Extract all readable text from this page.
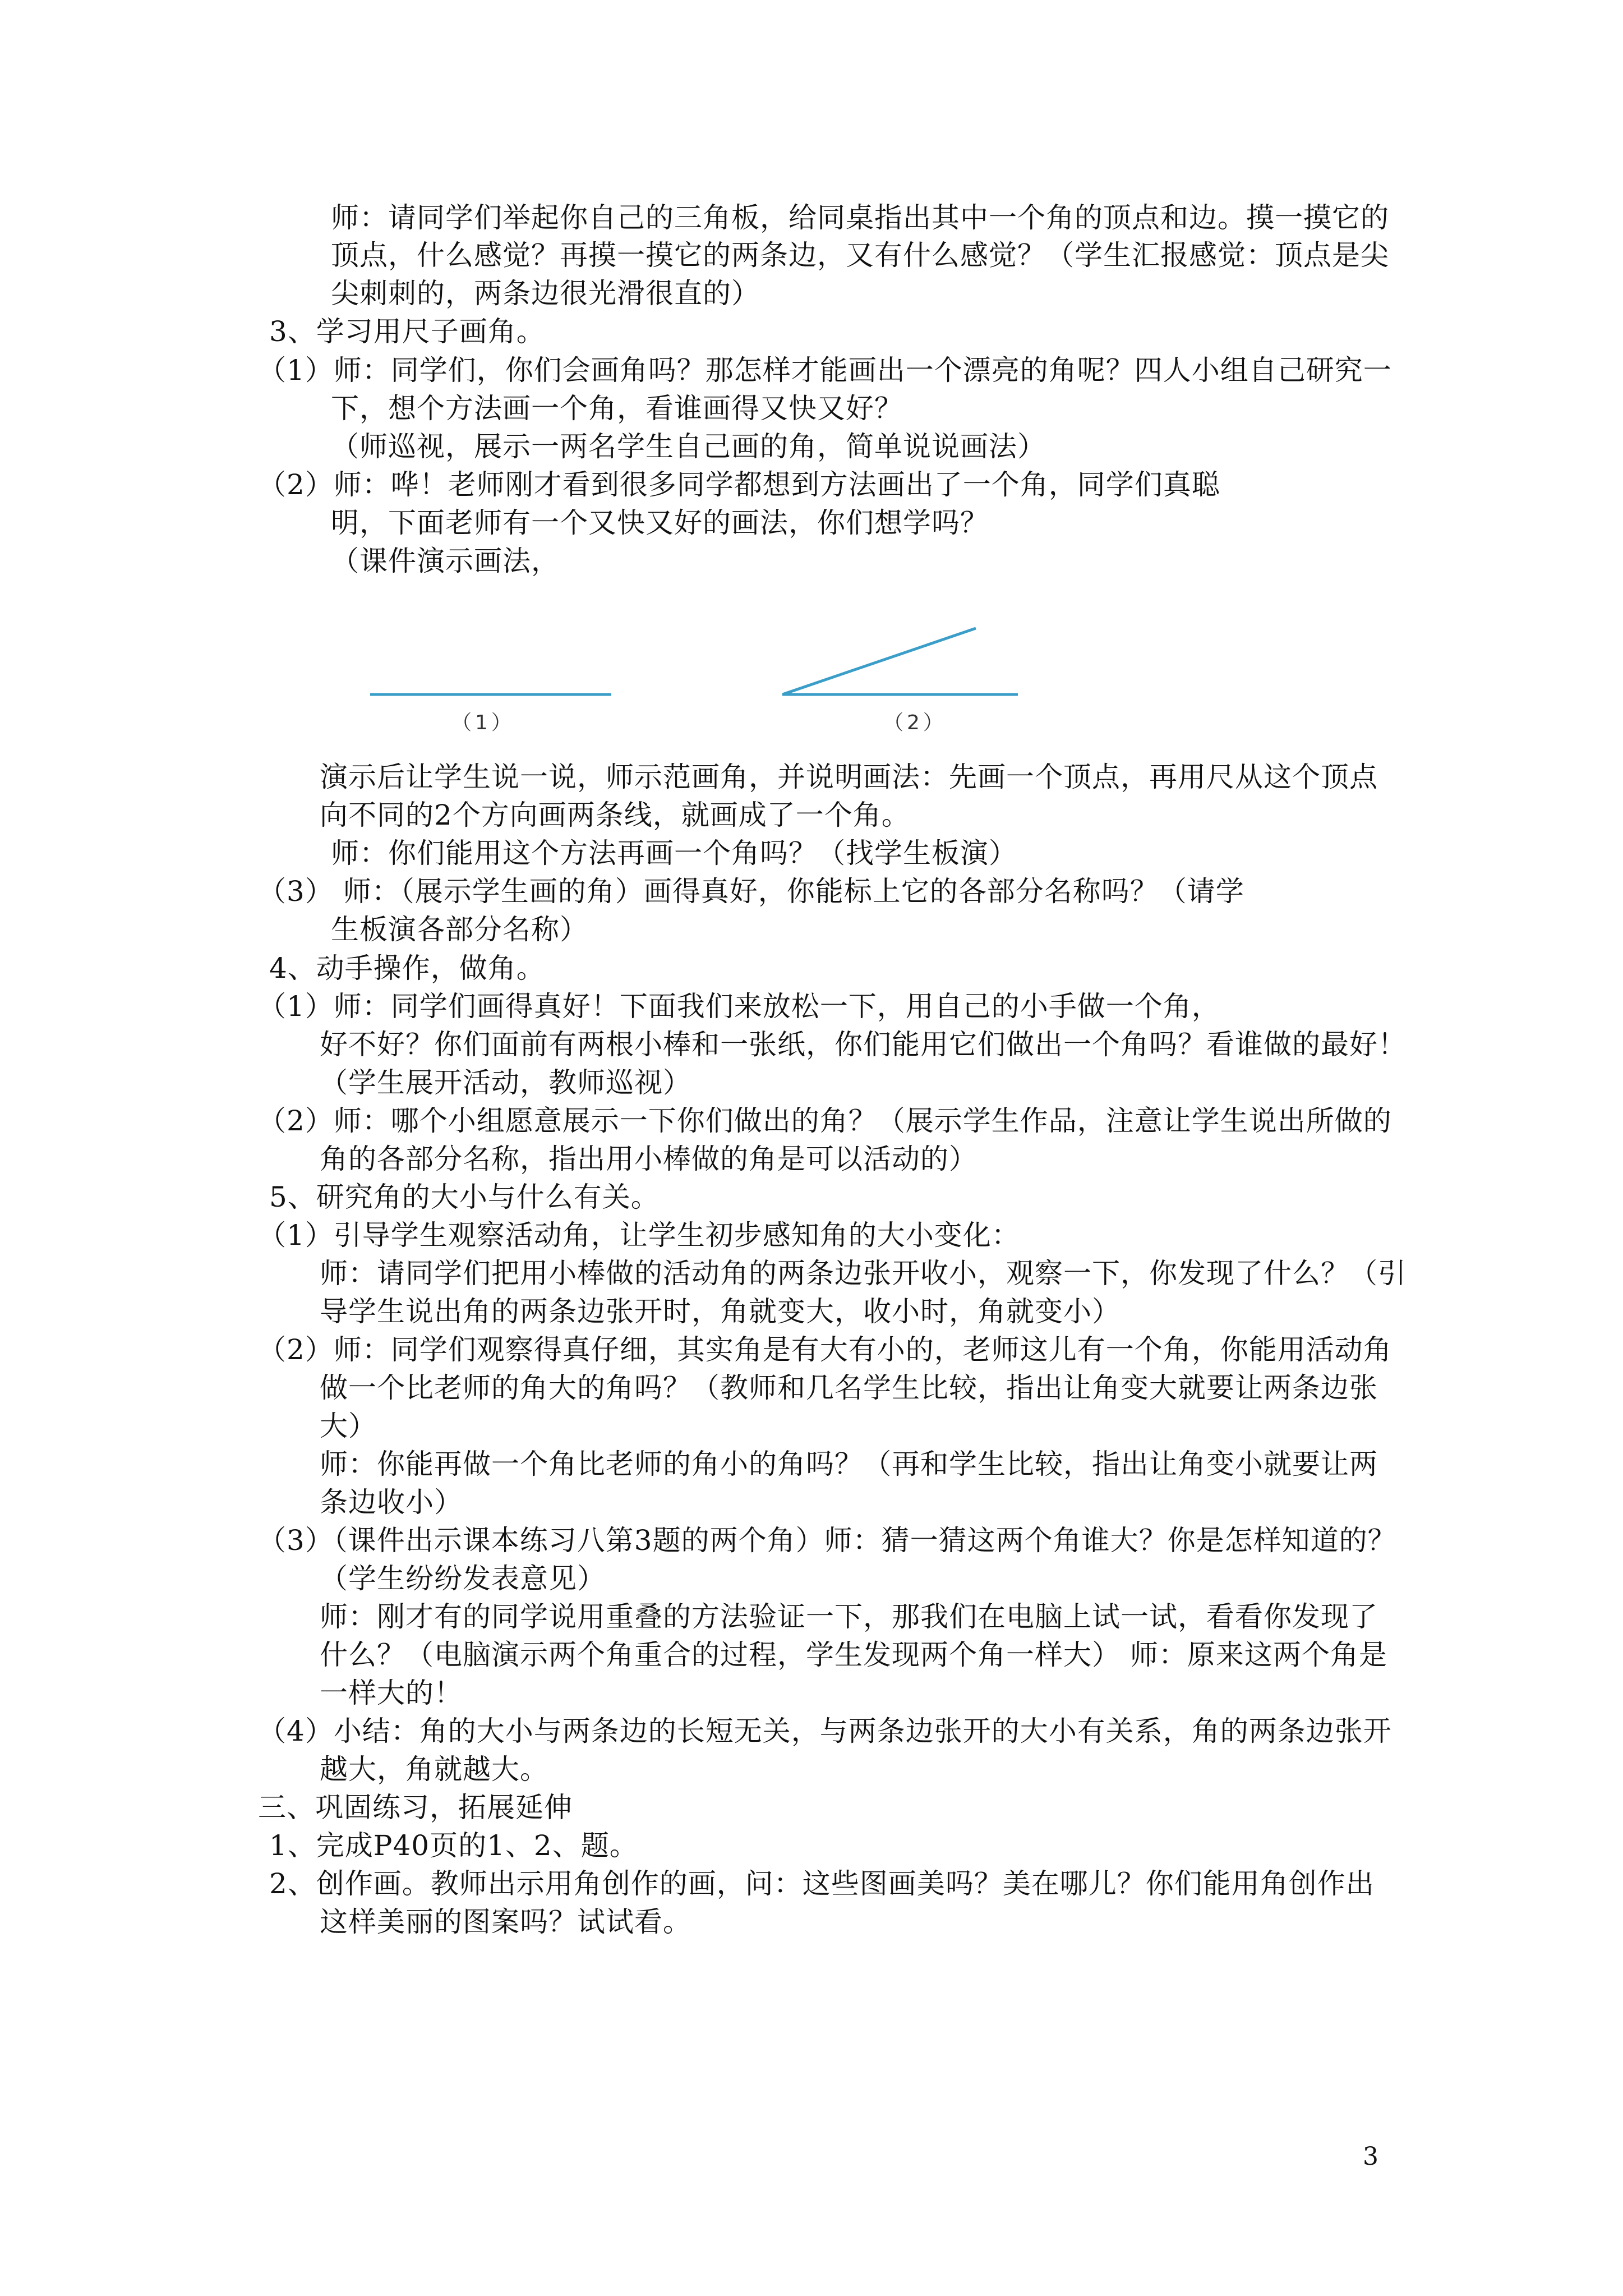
师：请同学们举起你自己的三角板，给同桌指出其中一个角的顶点和边。摸一摸它的
顶点，什么感觉？再摸一摸它的两条边，又有什么感觉？（学生汇报感觉：顶点是尖
尖刺刺的，两条边很光滑很直的）
3、学习用尺子画角。
（1）师：同学们，你们会画角吗？那怎样才能画出一个漂亮的角呢？四人小组自己研究一
下，想个方法画一个角，看谁画得又快又好？
（师巡视，展示一两名学生自己画的角，简单说说画法）
（2）师：哗！老师刚才看到很多同学都想到方法画出了一个角，同学们真聪
明，下面老师有一个又快又好的画法，你们想学吗？
（课件演示画法，
（1）	（2）
演示后让学生说一说，师示范画角，并说明画法：先画一个顶点，再用尺从这个顶点
向不同的2个方向画两条线，就画成了一个角。
师：你们能用这个方法再画一个角吗？（找学生板演）
（3） 师：（展示学生画的角）画得真好，你能标上它的各部分名称吗？（请学
生板演各部分名称）
4、动手操作，做角。
（1）师：同学们画得真好！下面我们来放松一下，用自己的小手做一个角，
好不好？你们面前有两根小棒和一张纸，你们能用它们做出一个角吗？看谁做的最好！
（学生展开活动，教师巡视）
（2）师：哪个小组愿意展示一下你们做出的角？（展示学生作品，注意让学生说出所做的
角的各部分名称，指出用小棒做的角是可以活动的）
5、研究角的大小与什么有关。
（1）引导学生观察活动角，让学生初步感知角的大小变化：
师：请同学们把用小棒做的活动角的两条边张开收小，观察一下，你发现了什么？（引
导学生说出角的两条边张开时，角就变大，收小时，角就变小）
（2）师：同学们观察得真仔细，其实角是有大有小的，老师这儿有一个角，你能用活动角
做一个比老师的角大的角吗？（教师和几名学生比较，指出让角变大就要让两条边张
大）
师：你能再做一个角比老师的角小的角吗？（再和学生比较，指出让角变小就要让两
条边收小）
（3）（课件出示课本练习八第3题的两个角）师：猜一猜这两个角谁大？你是怎样知道的？
（学生纷纷发表意见）
师：刚才有的同学说用重叠的方法验证一下，那我们在电脑上试一试，看看你发现了
什么？（电脑演示两个角重合的过程，学生发现两个角一样大） 师：原来这两个角是
一样大的！
（4）小结：角的大小与两条边的长短无关，与两条边张开的大小有关系，角的两条边张开
越大，角就越大。
三、巩固练习，拓展延伸
1、完成P40页的1、2、题。
2、创作画。教师出示用角创作的画，问：这些图画美吗？美在哪儿？你们能用角创作出
这样美丽的图案吗？试试看。
3
